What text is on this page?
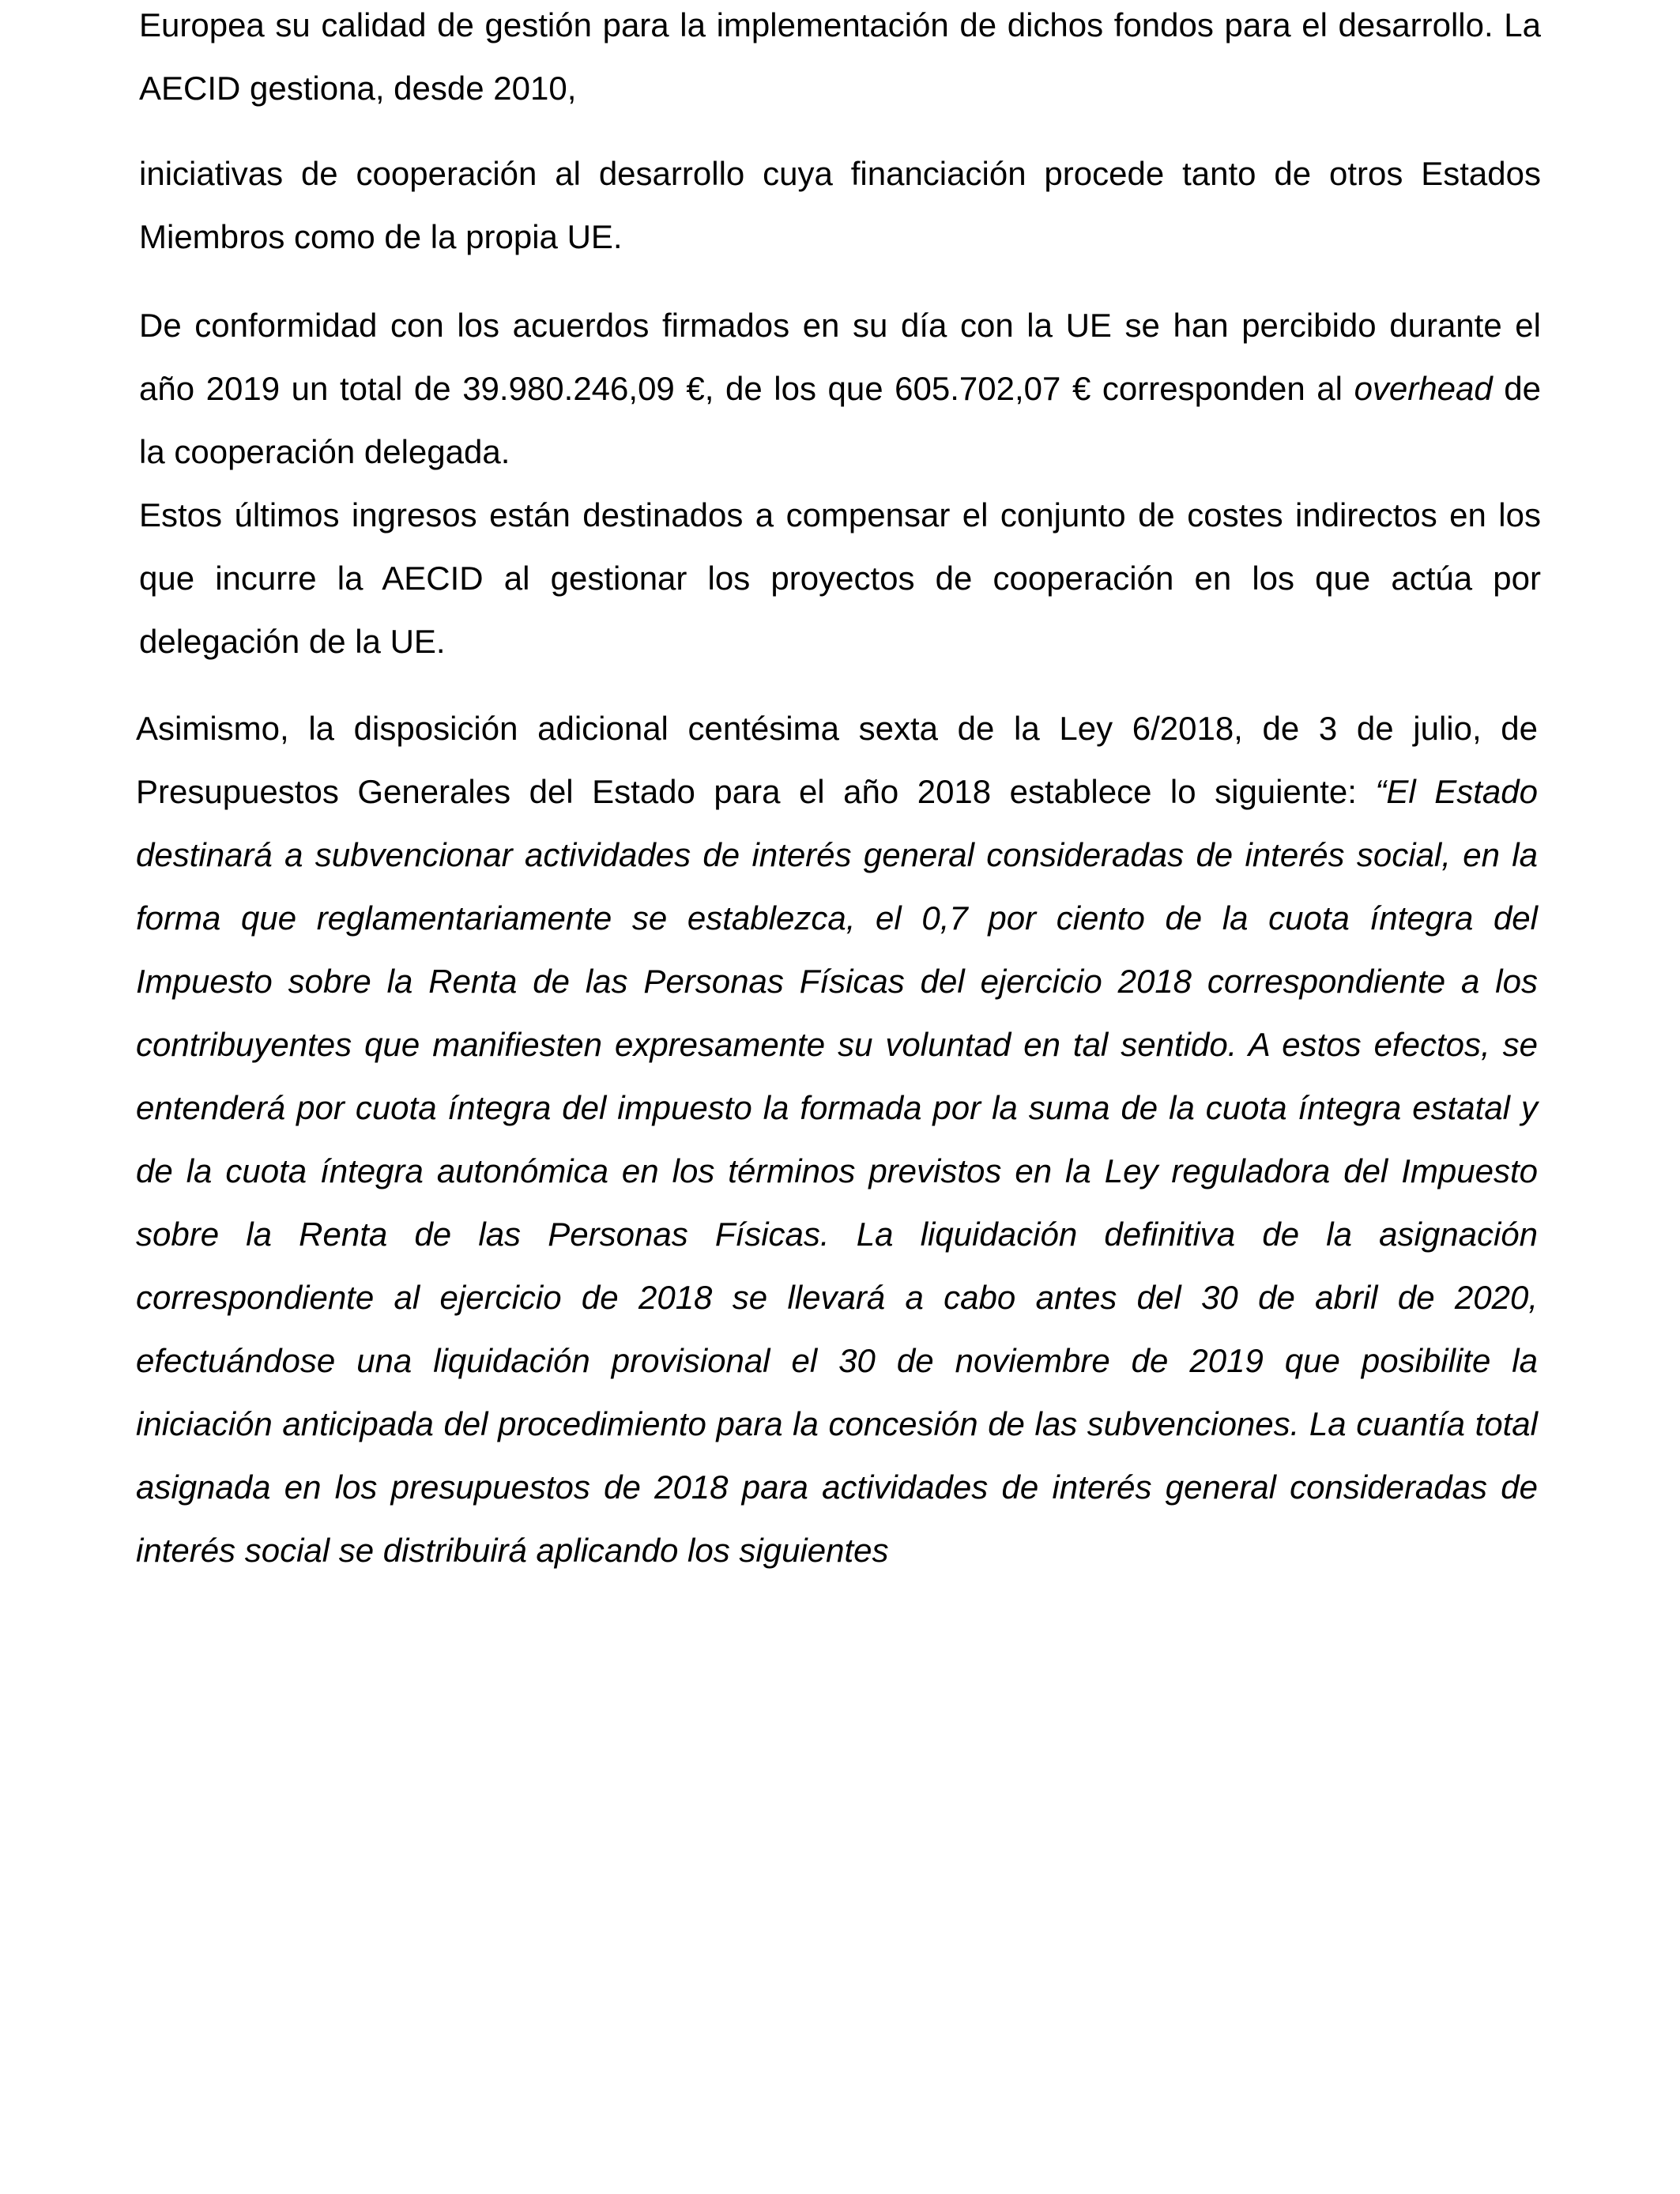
Europea su calidad de gestión para la implementación de dichos fondos para el desarrollo. La AECID gestiona, desde 2010,

iniciativas de cooperación al desarrollo cuya financiación procede tanto de otros Estados Miembros como de la propia UE.

De conformidad con los acuerdos firmados en su día con la UE se han percibido durante el año 2019 un total de 39.980.246,09 €, de los que 605.702,07 € corresponden al overhead de la cooperación delegada.

Estos últimos ingresos están destinados a compensar el conjunto de costes indirectos en los que incurre la AECID al gestionar los proyectos de cooperación en los que actúa por delegación de la UE.

Asimismo, la disposición adicional centésima sexta de la Ley 6/2018, de 3 de julio, de Presupuestos Generales del Estado para el año 2018 establece lo siguiente: “El Estado destinará a subvencionar actividades de interés general consideradas de interés social, en la forma que reglamentariamente se establezca, el 0,7 por ciento de la cuota íntegra del Impuesto sobre la Renta de las Personas Físicas del ejercicio 2018 correspondiente a los contribuyentes que manifiesten expresamente su voluntad en tal sentido. A estos efectos, se entenderá por cuota íntegra del impuesto la formada por la suma de la cuota íntegra estatal y de la cuota íntegra autonómica en los términos previstos en la Ley reguladora del Impuesto sobre la Renta de las Personas Físicas. La liquidación definitiva de la asignación correspondiente al ejercicio de 2018 se llevará a cabo antes del 30 de abril de 2020, efectuándose una liquidación provisional el 30 de noviembre de 2019 que posibilite la iniciación anticipada del procedimiento para la concesión de las subvenciones. La cuantía total asignada en los presupuestos de 2018 para actividades de interés general consideradas de interés social se distribuirá aplicando los siguientes
